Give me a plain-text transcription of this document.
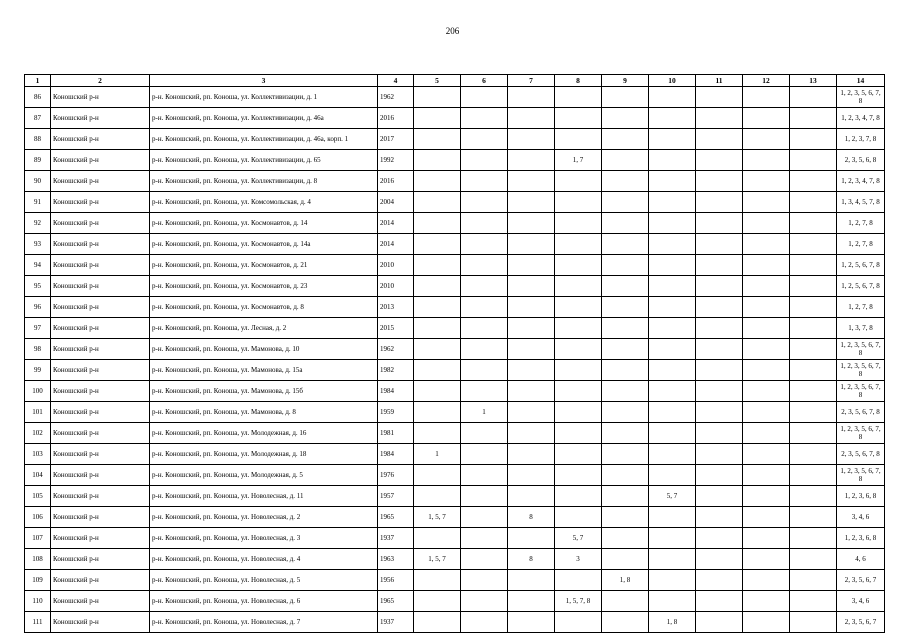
206
1	2	3	4	5	6	7	8	9	10	11	12	13	14
86	Коношский р-н	р-н. Коношский, рп. Коноша, ул. Коллективизации, д. 1	1962										1, 2, 3, 5, 6, 7, 8
87	Коношский р-н	р-н. Коношский, рп. Коноша, ул. Коллективизации, д. 46а	2016										1, 2, 3, 4, 7, 8
88	Коношский р-н	р-н. Коношский, рп. Коноша, ул. Коллективизации, д. 46а, корп. 1	2017										1, 2, 3, 7, 8
89	Коношский р-н	р-н. Коношский, рп. Коноша, ул. Коллективизации, д. 65	1992				1, 7						2, 3, 5, 6, 8
90	Коношский р-н	р-н. Коношский, рп. Коноша, ул. Коллективизации, д. 8	2016										1, 2, 3, 4, 7, 8
91	Коношский р-н	р-н. Коношский, рп. Коноша, ул. Комсомольская, д. 4	2004										1, 3, 4, 5, 7, 8
92	Коношский р-н	р-н. Коношский, рп. Коноша, ул. Космонавтов, д. 14	2014										1, 2, 7, 8
93	Коношский р-н	р-н. Коношский, рп. Коноша, ул. Космонавтов, д. 14а	2014										1, 2, 7, 8
94	Коношский р-н	р-н. Коношский, рп. Коноша, ул. Космонавтов, д. 21	2010										1, 2, 5, 6, 7, 8
95	Коношский р-н	р-н. Коношский, рп. Коноша, ул. Космонавтов, д. 23	2010										1, 2, 5, 6, 7, 8
96	Коношский р-н	р-н. Коношский, рп. Коноша, ул. Космонавтов, д. 8	2013										1, 2, 7, 8
97	Коношский р-н	р-н. Коношский, рп. Коноша, ул. Лесная, д. 2	2015										1, 3, 7, 8
98	Коношский р-н	р-н. Коношский, рп. Коноша, ул. Мамонова, д. 10	1962										1, 2, 3, 5, 6, 7, 8
99	Коношский р-н	р-н. Коношский, рп. Коноша, ул. Мамонова, д. 15а	1982										1, 2, 3, 5, 6, 7, 8
100	Коношский р-н	р-н. Коношский, рп. Коноша, ул. Мамонова, д. 15б	1984										1, 2, 3, 5, 6, 7, 8
101	Коношский р-н	р-н. Коношский, рп. Коноша, ул. Мамонова, д. 8	1959		1								2, 3, 5, 6, 7, 8
102	Коношский р-н	р-н. Коношский, рп. Коноша, ул. Молодежная, д. 16	1981										1, 2, 3, 5, 6, 7, 8
103	Коношский р-н	р-н. Коношский, рп. Коноша, ул. Молодежная, д. 18	1984	1									2, 3, 5, 6, 7, 8
104	Коношский р-н	р-н. Коношский, рп. Коноша, ул. Молодежная, д. 5	1976										1, 2, 3, 5, 6, 7, 8
105	Коношский р-н	р-н. Коношский, рп. Коноша, ул. Новолесная, д. 11	1957						5, 7				1, 2, 3, 6, 8
106	Коношский р-н	р-н. Коношский, рп. Коноша, ул. Новолесная, д. 2	1965	1, 5, 7		8							3, 4, 6
107	Коношский р-н	р-н. Коношский, рп. Коноша, ул. Новолесная, д. 3	1937				5, 7						1, 2, 3, 6, 8
108	Коношский р-н	р-н. Коношский, рп. Коноша, ул. Новолесная, д. 4	1963	1, 5, 7		8	3						4, 6
109	Коношский р-н	р-н. Коношский, рп. Коноша, ул. Новолесная, д. 5	1956					1, 8					2, 3, 5, 6, 7
110	Коношский р-н	р-н. Коношский, рп. Коноша, ул. Новолесная, д. 6	1965				1, 5, 7, 8						3, 4, 6
111	Коношский р-н	р-н. Коношский, рп. Коноша, ул. Новолесная, д. 7	1937						1, 8				2, 3, 5, 6, 7
